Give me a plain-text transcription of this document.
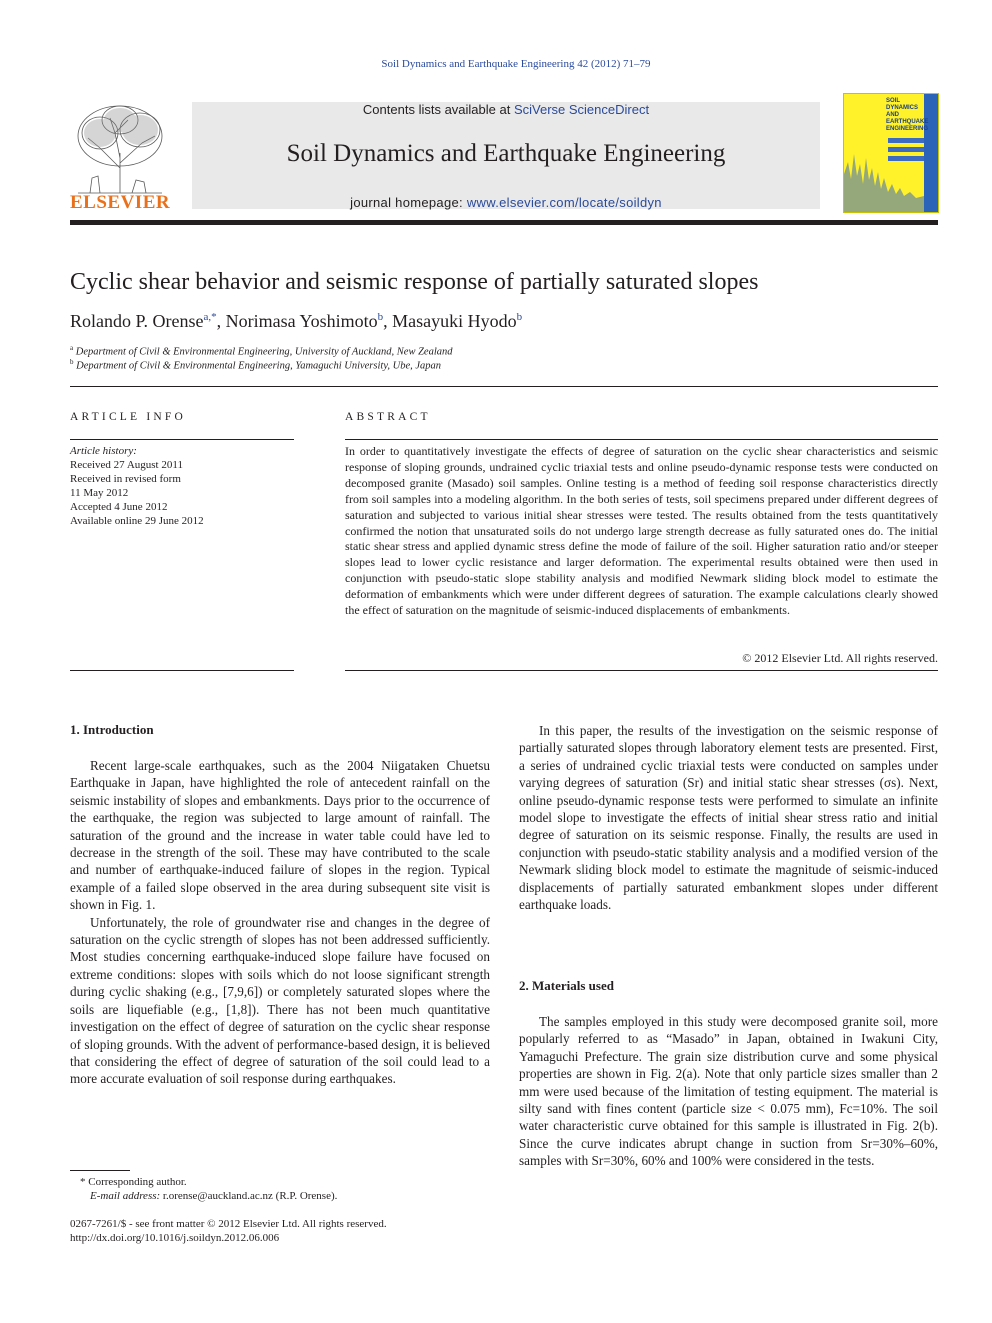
Soil Dynamics and Earthquake Engineering 42 (2012) 71–79
ELSEVIER
Contents lists available at SciVerse ScienceDirect
Soil Dynamics and Earthquake Engineering
journal homepage: www.elsevier.com/locate/soildyn
SOIL
DYNAMICS
AND
EARTHQUAKE
ENGINEERING
Cyclic shear behavior and seismic response of partially saturated slopes
Rolando P. Orense$^{a,*}$, Norimasa Yoshimoto$^b$, Masayuki Hyodo$^b$
$^a$ Department of Civil & Environmental Engineering, University of Auckland, New Zealand
$^b$ Department of Civil & Environmental Engineering, Yamaguchi University, Ube, Japan
ARTICLE INFO
Article history:
Received 27 August 2011
Received in revised form
11 May 2012
Accepted 4 June 2012
Available online 29 June 2012
ABSTRACT
In order to quantitatively investigate the effects of degree of saturation on the cyclic shear characteristics and seismic response of sloping grounds, undrained cyclic triaxial tests and online pseudo-dynamic response tests were conducted on decomposed granite (Masado) soil samples. Online testing is a method of feeding soil response characteristics directly from soil samples into a modeling algorithm. In the both series of tests, soil specimens prepared under different degrees of saturation and subjected to various initial shear stresses were tested. The results obtained from the tests quantitatively confirmed the notion that unsaturated soils do not undergo large strength decrease as fully saturated ones do. The initial static shear stress and applied dynamic stress define the mode of failure of the soil. Higher saturation ratio and/or steeper slopes lead to lower cyclic resistance and larger deformation. The experimental results obtained were then used in conjunction with pseudo-static slope stability analysis and modified Newmark sliding block model to estimate the deformation of embankments which were under different degrees of saturation. The example calculations clearly showed the effect of saturation on the magnitude of seismic-induced displacements of embankments.
© 2012 Elsevier Ltd. All rights reserved.
1. Introduction

Recent large-scale earthquakes, such as the 2004 Niigataken Chuetsu Earthquake in Japan, have highlighted the role of antecedent rainfall on the seismic instability of slopes and embankments. Days prior to the occurrence of the earthquake, the region was subjected to large amount of rainfall. The saturation of the ground and the increase in water table could have led to decrease in the strength of the soil. These may have contributed to the scale and number of earthquake-induced failure of slopes in the region. Typical example of a failed slope observed in the area during subsequent site visit is shown in Fig. 1.

Unfortunately, the role of groundwater rise and changes in the degree of saturation on the cyclic strength of slopes has not been addressed sufficiently. Most studies concerning earthquake-induced slope failure have focused on extreme conditions: slopes with soils which do not loose significant strength during cyclic shaking (e.g., [7,9,6]) or completely saturated slopes where the soils are liquefiable (e.g., [1,8]). There has not been much quantitative investigation on the effect of degree of saturation on the cyclic shear response of sloping grounds. With the advent of performance-based design, it is believed that considering the effect of degree of saturation of the soil could lead to a more accurate evaluation of soil response during earthquakes.

In this paper, the results of the investigation on the seismic response of partially saturated slopes through laboratory element tests are presented. First, a series of undrained cyclic triaxial tests were conducted on samples under varying degrees of saturation (Sr) and initial static shear stresses (σs). Next, online pseudo-dynamic response tests were performed to simulate an infinite model slope to investigate the effects of initial shear stress ratio and initial degree of saturation on its seismic response. Finally, the results are used in conjunction with pseudo-static stability analysis and a modified version of the Newmark sliding block model to estimate the magnitude of seismic-induced displacements of partially saturated embankment slopes under different earthquake loads.

2. Materials used

The samples employed in this study were decomposed granite soil, more popularly referred to as “Masado” in Japan, obtained in Iwakuni City, Yamaguchi Prefecture. The grain size distribution curve and some physical properties are shown in Fig. 2(a). Note that only particle sizes smaller than 2 mm were used because of the limitation of testing equipment. The material is silty sand with fines content (particle size < 0.075 mm), Fc=10%. The soil water characteristic curve obtained for this sample is illustrated in Fig. 2(b). Since the curve indicates abrupt change in suction from Sr=30%–60%, samples with Sr=30%, 60% and 100% were considered in the tests.

* Corresponding author.
E-mail address: r.orense@auckland.ac.nz (R.P. Orense).
0267-7261/$ - see front matter © 2012 Elsevier Ltd. All rights reserved.
http://dx.doi.org/10.1016/j.soildyn.2012.06.006
